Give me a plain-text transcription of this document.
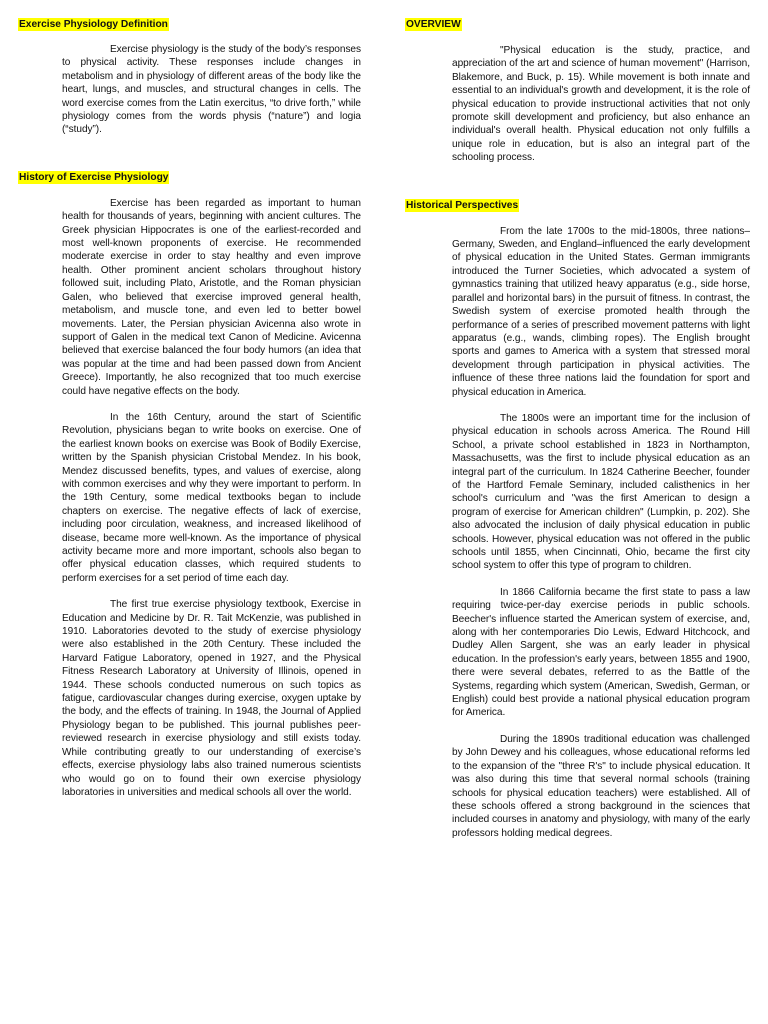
Exercise Physiology Definition

Exercise physiology is the study of the body’s responses to physical activity. These responses include changes in metabolism and in physiology of different areas of the body like the heart, lungs, and muscles, and structural changes in cells. The word exercise comes from the Latin exercitus, “to drive forth,” while physiology comes from the words physis (“nature”) and logia (“study”).

History of Exercise Physiology

Exercise has been regarded as important to human health for thousands of years, beginning with ancient cultures. The Greek physician Hippocrates is one of the earliest-recorded and most well-known proponents of exercise. He recommended moderate exercise in order to stay healthy and even improve health. Other prominent ancient scholars throughout history followed suit, including Plato, Aristotle, and the Roman physician Galen, who believed that exercise improved general health, metabolism, and muscle tone, and even led to better bowel movements. Later, the Persian physician Avicenna also wrote in support of Galen in the medical text Canon of Medicine. Avicenna believed that exercise balanced the four body humors (an idea that was popular at the time and had been passed down from Ancient Greece). Importantly, he also recognized that too much exercise could have negative effects on the body.

In the 16th Century, around the start of Scientific Revolution, physicians began to write books on exercise. One of the earliest known books on exercise was Book of Bodily Exercise, written by the Spanish physician Cristobal Mendez. In his book, Mendez discussed benefits, types, and values of exercise, along with common exercises and why they were important to perform. In the 19th Century, some medical textbooks began to include chapters on exercise. The negative effects of lack of exercise, including poor circulation, weakness, and increased likelihood of disease, became more well-known. As the importance of physical activity became more and more important, schools also began to offer physical education classes, which required students to perform exercises for a set period of time each day.

The first true exercise physiology textbook, Exercise in Education and Medicine by Dr. R. Tait McKenzie, was published in 1910. Laboratories devoted to the study of exercise physiology were also established in the 20th Century. These included the Harvard Fatigue Laboratory, opened in 1927, and the Physical Fitness Research Laboratory at University of Illinois, opened in 1944. These schools conducted numerous on such topics as fatigue, cardiovascular changes during exercise, oxygen uptake by the body, and the effects of training. In 1948, the Journal of Applied Physiology began to be published. This journal publishes peer-reviewed research in exercise physiology and still exists today. While contributing greatly to our understanding of exercise’s effects, exercise physiology labs also trained numerous scientists who would go on to found their own exercise physiology laboratories in universities and medical schools all over the world.

OVERVIEW

"Physical education is the study, practice, and appreciation of the art and science of human movement" (Harrison, Blakemore, and Buck, p. 15). While movement is both innate and essential to an individual's growth and development, it is the role of physical education to provide instructional activities that not only promote skill development and proficiency, but also enhance an individual's overall health. Physical education not only fulfills a unique role in education, but is also an integral part of the schooling process.

Historical Perspectives

From the late 1700s to the mid-1800s, three nations–Germany, Sweden, and England–influenced the early development of physical education in the United States. German immigrants introduced the Turner Societies, which advocated a system of gymnastics training that utilized heavy apparatus (e.g., side horse, parallel and horizontal bars) in the pursuit of fitness. In contrast, the Swedish system of exercise promoted health through the performance of a series of prescribed movement patterns with light apparatus (e.g., wands, climbing ropes). The English brought sports and games to America with a system that stressed moral development through participation in physical activities. The influence of these three nations laid the foundation for sport and physical education in America.

The 1800s were an important time for the inclusion of physical education in schools across America. The Round Hill School, a private school established in 1823 in Northampton, Massachusetts, was the first to include physical education as an integral part of the curriculum. In 1824 Catherine Beecher, founder of the Hartford Female Seminary, included calisthenics in her school's curriculum and "was the first American to design a program of exercise for American children" (Lumpkin, p. 202). She also advocated the inclusion of daily physical education in public schools. However, physical education was not offered in the public schools until 1855, when Cincinnati, Ohio, became the first city school system to offer this type of program to children.

In 1866 California became the first state to pass a law requiring twice-per-day exercise periods in public schools. Beecher's influence started the American system of exercise, and, along with her contemporaries Dio Lewis, Edward Hitchcock, and Dudley Allen Sargent, she was an early leader in physical education. In the profession's early years, between 1855 and 1900, there were several debates, referred to as the Battle of the Systems, regarding which system (American, Swedish, German, or English) could best provide a national physical education program for America.

During the 1890s traditional education was challenged by John Dewey and his colleagues, whose educational reforms led to the expansion of the "three R's" to include physical education. It was also during this time that several normal schools (training schools for physical education teachers) were established. All of these schools offered a strong background in the sciences that included courses in anatomy and physiology, with many of the early professors holding medical degrees.
